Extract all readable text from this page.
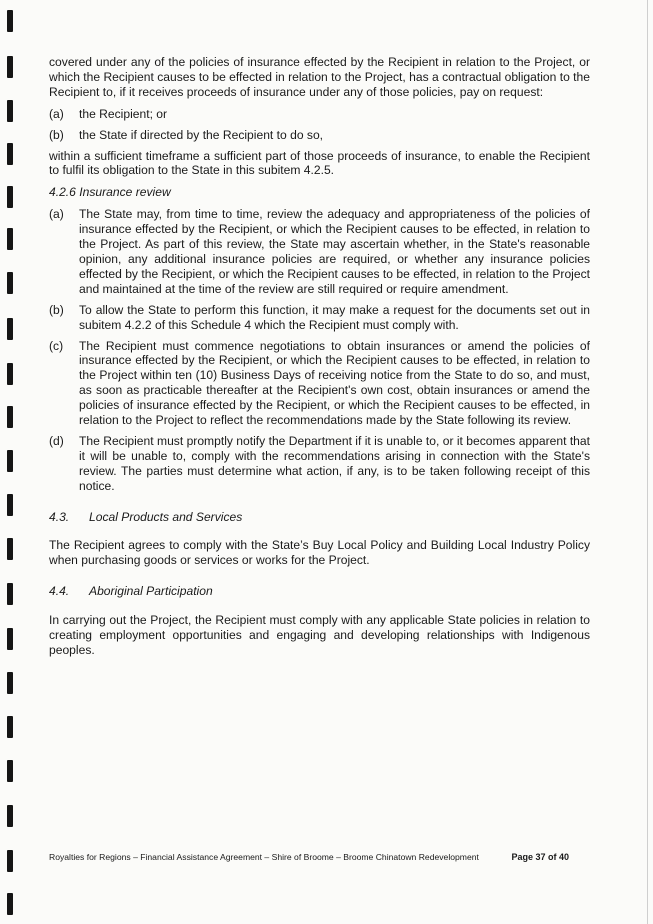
covered under any of the policies of insurance effected by the Recipient in relation to the Project, or which the Recipient causes to be effected in relation to the Project, has a contractual obligation to the Recipient to, if it receives proceeds of insurance under any of those policies, pay on request:

(a)	the Recipient; or
(b)	the State if directed by the Recipient to do so,

within a sufficient timeframe a sufficient part of those proceeds of insurance, to enable the Recipient to fulfil its obligation to the State in this subitem 4.2.5.

4.2.6 Insurance review
(a)	The State may, from time to time, review the adequacy and appropriateness of the policies of insurance effected by the Recipient, or which the Recipient causes to be effected, in relation to the Project. As part of this review, the State may ascertain whether, in the State's reasonable opinion, any additional insurance policies are required, or whether any insurance policies effected by the Recipient, or which the Recipient causes to be effected, in relation to the Project and maintained at the time of the review are still required or require amendment.
(b)	To allow the State to perform this function, it may make a request for the documents set out in subitem 4.2.2 of this Schedule 4 which the Recipient must comply with.
(c)	The Recipient must commence negotiations to obtain insurances or amend the policies of insurance effected by the Recipient, or which the Recipient causes to be effected, in relation to the Project within ten (10) Business Days of receiving notice from the State to do so, and must, as soon as practicable thereafter at the Recipient's own cost, obtain insurances or amend the policies of insurance effected by the Recipient, or which the Recipient causes to be effected, in relation to the Project to reflect the recommendations made by the State following its review.
(d)	The Recipient must promptly notify the Department if it is unable to, or it becomes apparent that it will be unable to, comply with the recommendations arising in connection with the State's review. The parties must determine what action, if any, is to be taken following receipt of this notice.
4.3. Local Products and Services

The Recipient agrees to comply with the State’s Buy Local Policy and Building Local Industry Policy when purchasing goods or services or works for the Project.

4.4. Aboriginal Participation

In carrying out the Project, the Recipient must comply with any applicable State policies in relation to creating employment opportunities and engaging and developing relationships with Indigenous peoples.

Royalties for Regions – Financial Assistance Agreement – Shire of Broome – Broome Chinatown Redevelopment	Page 37 of 40
